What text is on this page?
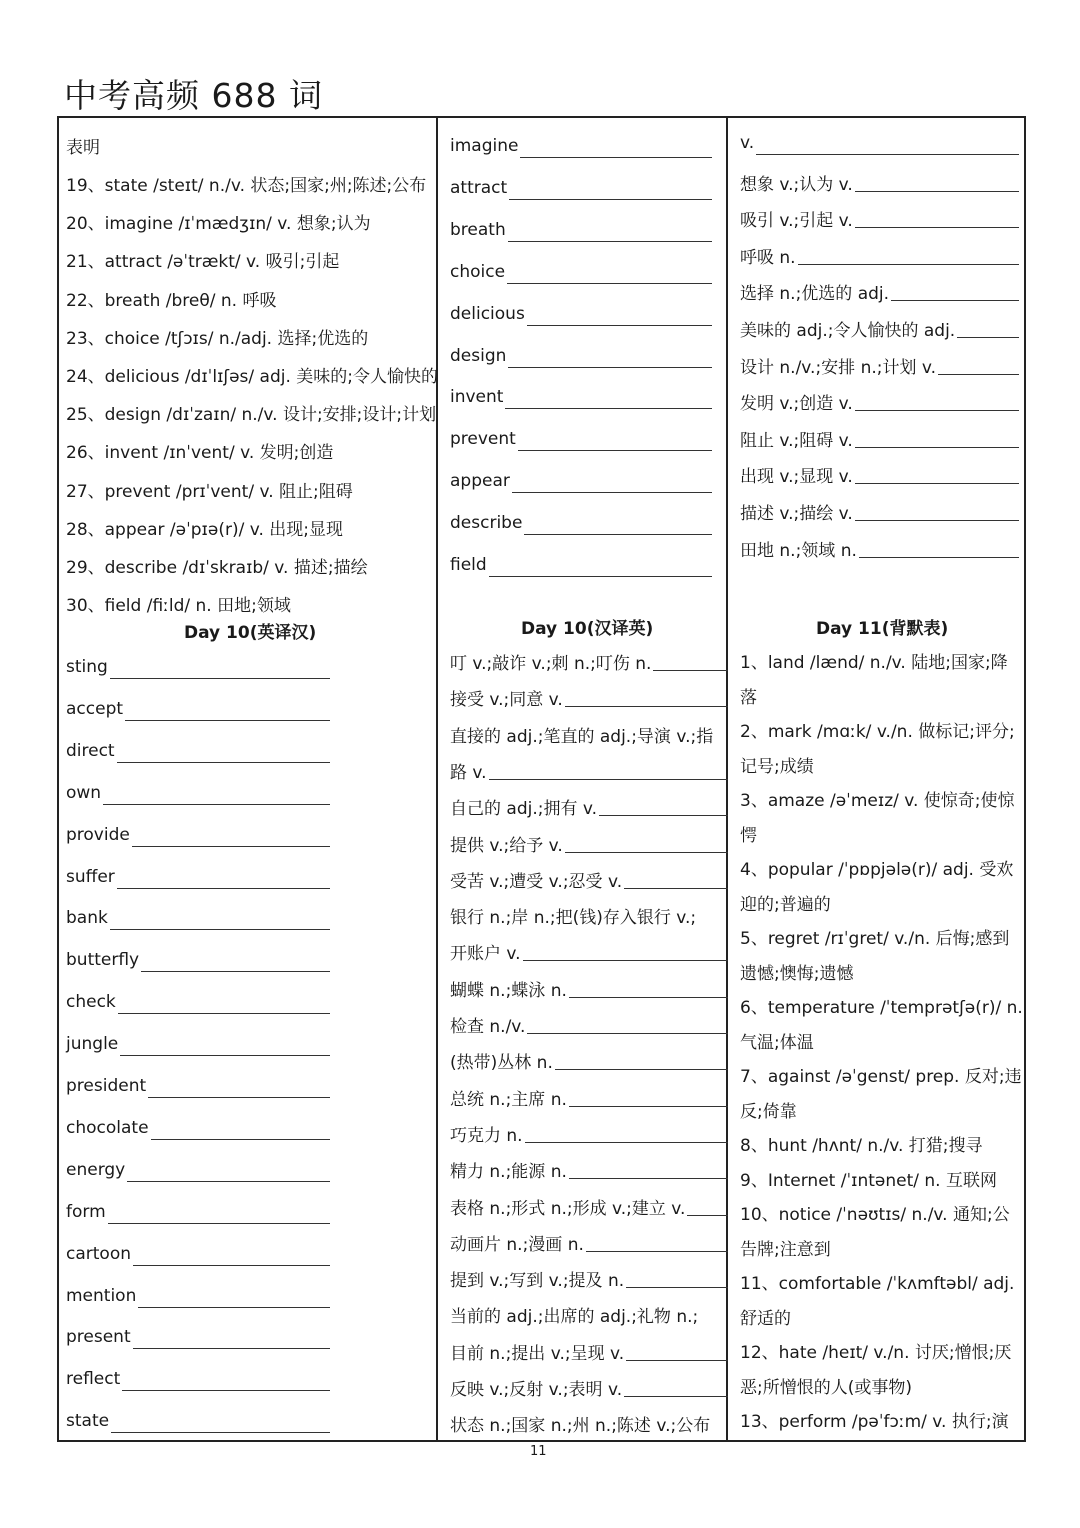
中考高频 688 词
表明
19、state /steɪt/ n./v. 状态;国家;州;陈述;公布
20、imagine /ɪˈmædʒɪn/ v. 想象;认为
21、attract /əˈtrækt/ v. 吸引;引起
22、breath /breθ/ n. 呼吸
23、choice /tʃɔɪs/ n./adj. 选择;优选的
24、delicious /dɪˈlɪʃəs/ adj. 美味的;令人愉快的
25、design /dɪˈzaɪn/ n./v. 设计;安排;设计;计划
26、invent /ɪnˈvent/ v. 发明;创造
27、prevent /prɪˈvent/ v. 阻止;阻碍
28、appear /əˈpɪə(r)/ v. 出现;显现
29、describe /dɪˈskraɪb/ v. 描述;描绘
30、field /fiːld/ n. 田地;领域
Day 10(英译汉)
sting
accept
direct
own
provide
suffer
bank
butterfly
check
jungle
president
chocolate
energy
form
cartoon
mention
present
reflect
state
imagine
attract
breath
choice
delicious
design
invent
prevent
appear
describe
field
Day 10(汉译英)
叮 v.;敲诈 v.;刺 n.;叮伤 n.
接受 v.;同意 v.
直接的 adj.;笔直的 adj.;导演 v.;指
路 v.
自己的 adj.;拥有 v.
提供 v.;给予 v.
受苦 v.;遭受 v.;忍受 v.
银行 n.;岸 n.;把(钱)存入银行 v.;
开账户 v.
蝴蝶 n.;蝶泳 n.
检查 n./v.
(热带)丛林 n.
总统 n.;主席 n.
巧克力 n.
精力 n.;能源 n.
表格 n.;形式 n.;形成 v.;建立 v.
动画片 n.;漫画 n.
提到 v.;写到 v.;提及 n.
当前的 adj.;出席的 adj.;礼物 n.;
目前 n.;提出 v.;呈现 v.
反映 v.;反射 v.;表明 v.
状态 n.;国家 n.;州 n.;陈述 v.;公布
v.
想象 v.;认为 v.
吸引 v.;引起 v.
呼吸 n.
选择 n.;优选的 adj.
美味的 adj.;令人愉快的 adj.
设计 n./v.;安排 n.;计划 v.
发明 v.;创造 v.
阻止 v.;阻碍 v.
出现 v.;显现 v.
描述 v.;描绘 v.
田地 n.;领域 n.
Day 11(背默表)
1、land /lænd/ n./v. 陆地;国家;降
落
2、mark /mɑːk/ v./n. 做标记;评分;
记号;成绩
3、amaze /əˈmeɪz/ v. 使惊奇;使惊
愕
4、popular /ˈpɒpjələ(r)/ adj. 受欢
迎的;普遍的
5、regret /rɪˈgret/ v./n. 后悔;感到
遗憾;懊悔;遗憾
6、temperature /ˈtemprətʃə(r)/ n.
气温;体温
7、against /əˈgenst/ prep. 反对;违
反;倚靠
8、hunt /hʌnt/ n./v. 打猎;搜寻
9、Internet /ˈɪntənet/ n. 互联网
10、notice /ˈnəʊtɪs/ n./v. 通知;公
告牌;注意到
11、comfortable /ˈkʌmftəbl/ adj.
舒适的
12、hate /heɪt/ v./n. 讨厌;憎恨;厌
恶;所憎恨的人(或事物)
13、perform /pəˈfɔːm/ v. 执行;演
11
